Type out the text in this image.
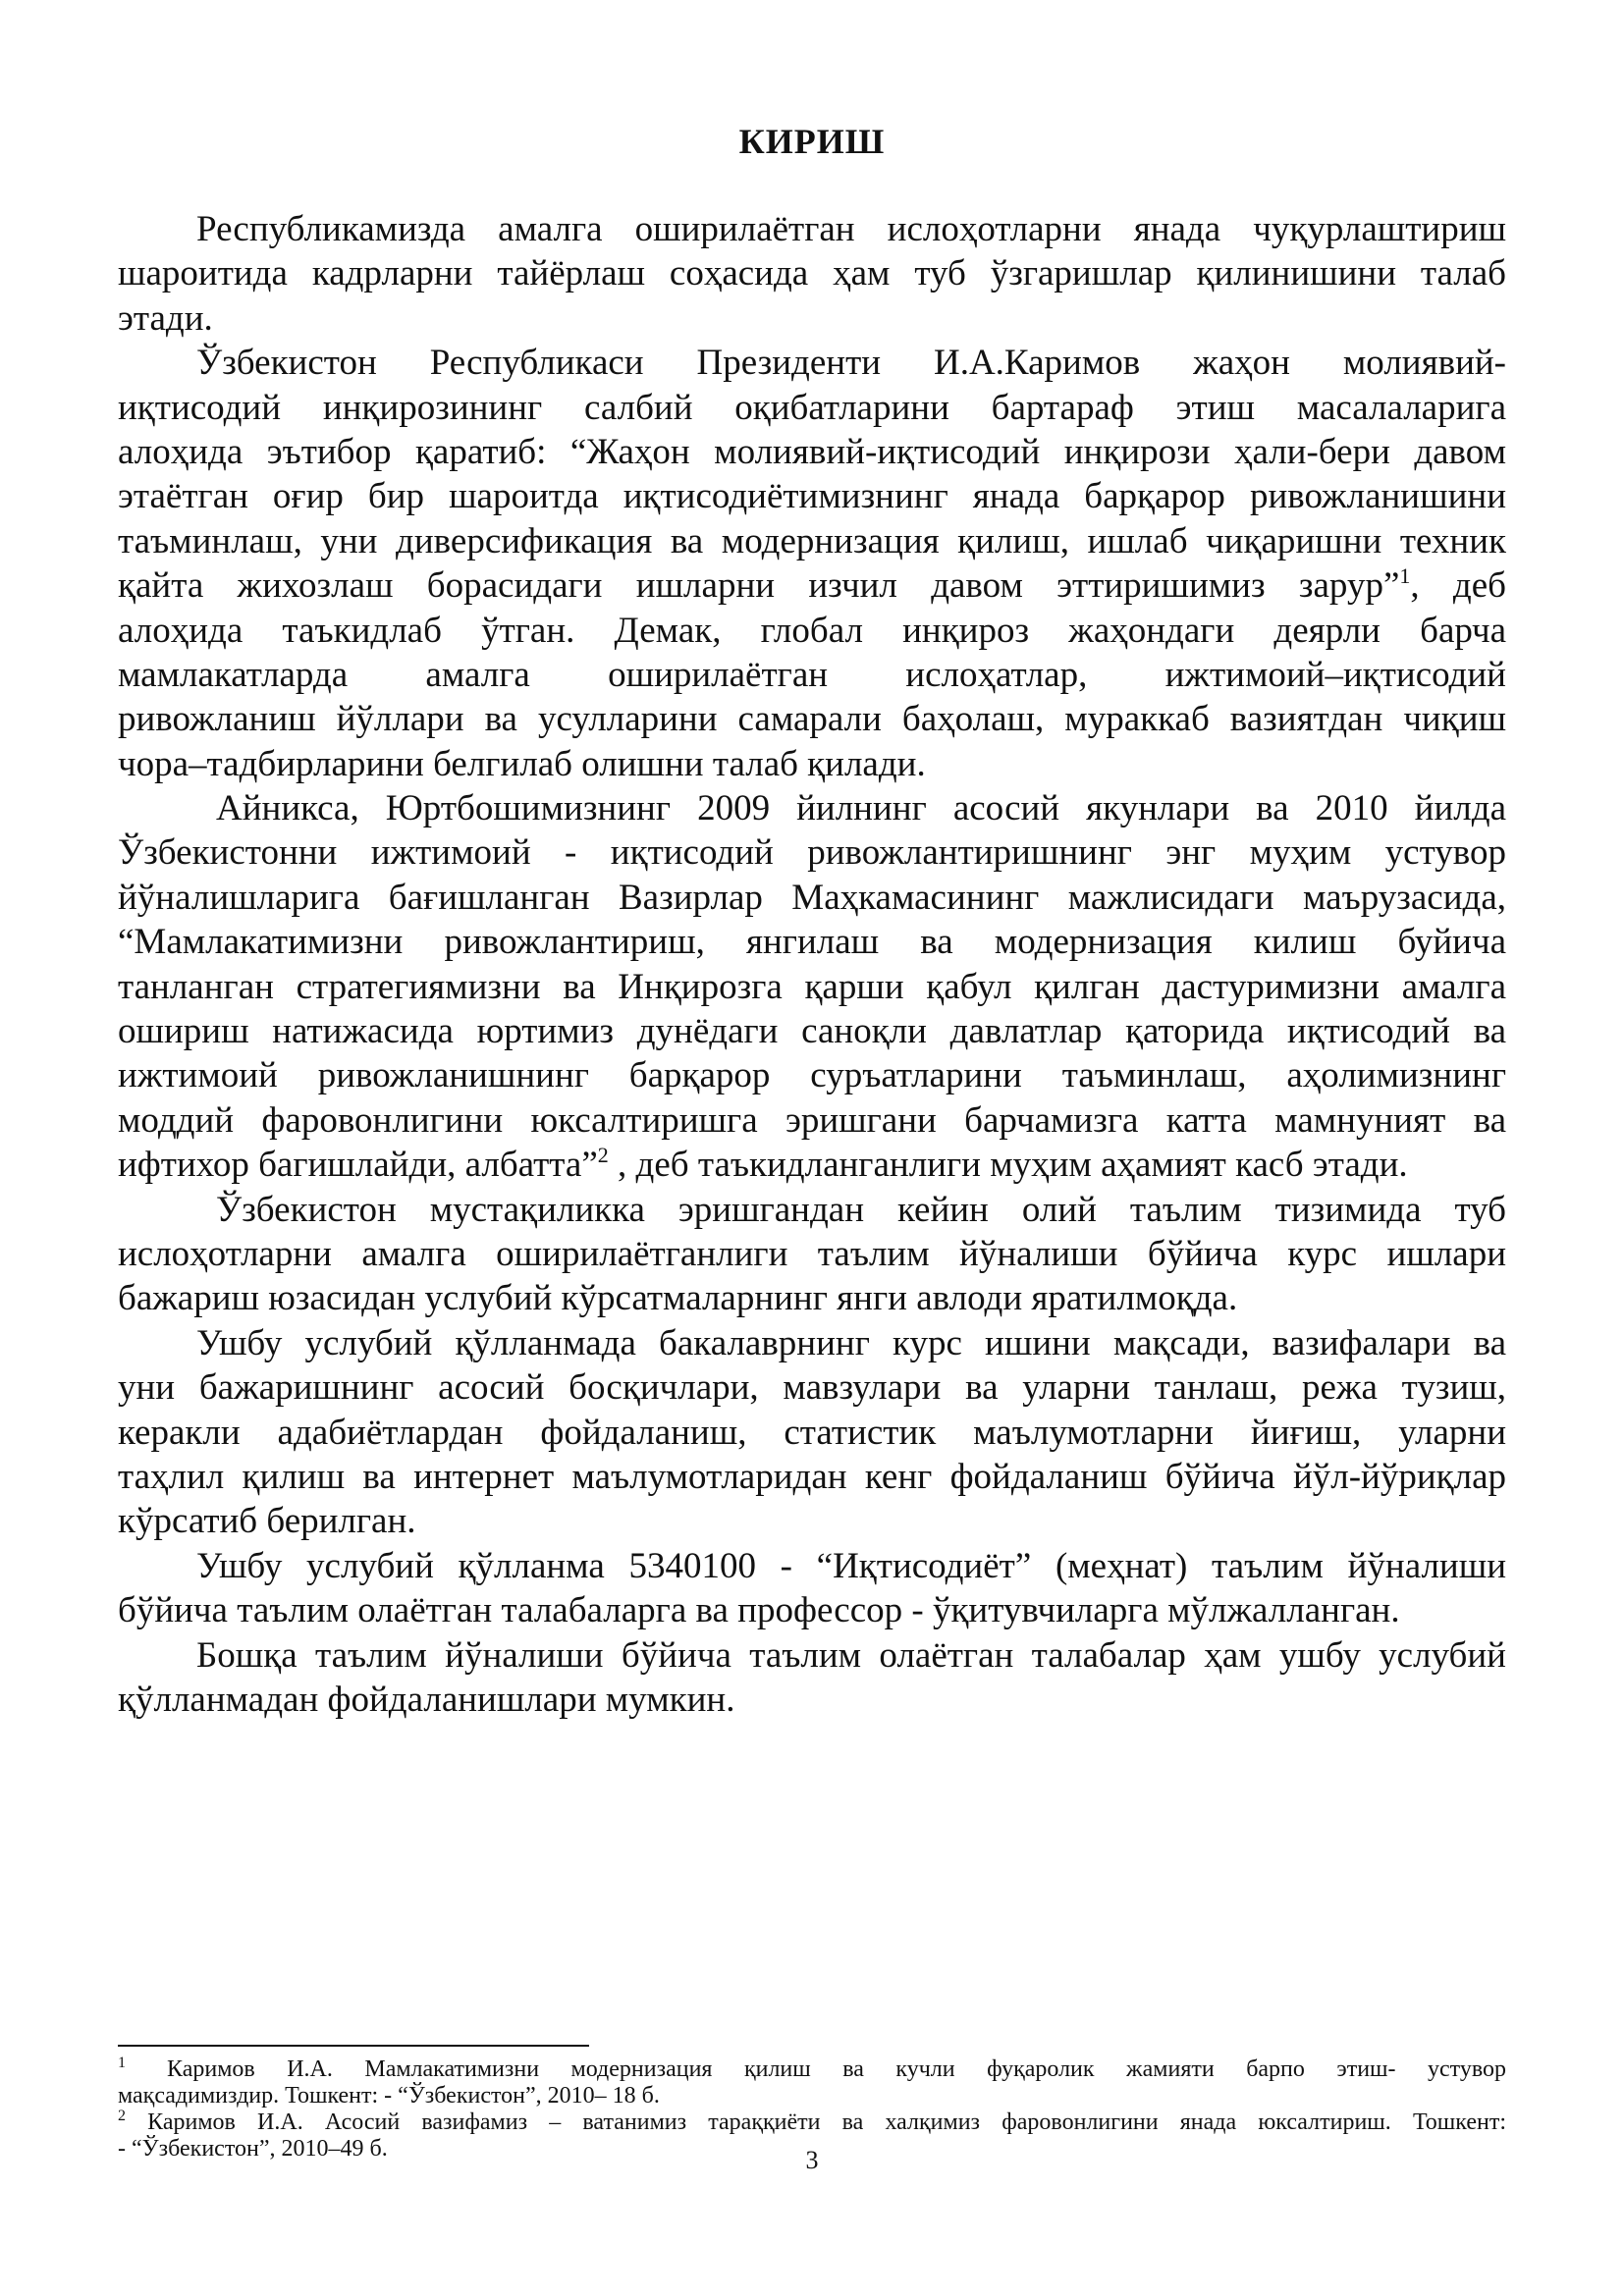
КИРИШ
Республикамизда амалга оширилаётган ислоҳотларни янада чуқурлаштириш
шароитида кадрларни тайёрлаш соҳасида ҳам туб ўзгаришлар қилинишини талаб
этади.
Ўзбекистон Республикаси Президенти И.А.Каримов жаҳон молиявий-
иқтисодий инқирозининг салбий оқибатларини бартараф этиш масалаларига
алоҳида эътибор қаратиб: “Жаҳон молиявий-иқтисодий инқирози ҳали-бери давом
этаётган оғир бир шароитда иқтисодиётимизнинг янада барқарор ривожланишини
таъминлаш, уни диверсификация ва модернизация қилиш, ишлаб чиқаришни техник
қайта жихозлаш борасидаги ишларни изчил давом эттиришимиз зарур”$^1$, деб
алоҳида таъкидлаб ўтган. Демак, глобал инқироз жаҳондаги деярли барча
мамлакатларда амалга оширилаётган ислоҳатлар, ижтимоий–иқтисодий
ривожланиш йўллари ва усулларини самарали баҳолаш, мураккаб вазиятдан чиқиш
чора–тадбирларини белгилаб олишни талаб қилади.
Айникса, Юртбошимизнинг 2009 йилнинг асосий якунлари ва 2010 йилда
Ўзбекистонни ижтимоий - иқтисодий ривожлантиришнинг энг муҳим устувор
йўналишларига бағишланган Вазирлар Маҳкамасининг мажлисидаги маърузасида,
“Мамлакатимизни ривожлантириш, янгилаш ва модернизация килиш буйича
танланган стратегиямизни ва Инқирозга қарши қабул қилган дастуримизни амалга
ошириш натижасида юртимиз дунёдаги саноқли давлатлар қаторида иқтисодий ва
ижтимоий ривожланишнинг барқарор суръатларини таъминлаш, аҳолимизнинг
моддий фаровонлигини юксалтиришга эришгани барчамизга катта мамнуният ва
ифтихор багишлайди, албатта”$^2$ , деб таъкидланганлиги муҳим аҳамият касб этади.
Ўзбекистон мустақиликка эришгандан кейин олий таълим тизимида туб
ислоҳотларни амалга оширилаётганлиги таълим йўналиши бўйича курс ишлари
бажариш юзасидан услубий кўрсатмаларнинг янги авлоди яратилмоқда.
Ушбу услубий қўлланмада бакалаврнинг курс ишини мақсади, вазифалари ва
уни бажаришнинг асосий босқичлари, мавзулари ва уларни танлаш, режа тузиш,
керакли адабиётлардан фойдаланиш, статистик маълумотларни йиғиш, уларни
таҳлил қилиш ва интернет маълумотларидан кенг фойдаланиш бўйича йўл-йўриқлар
кўрсатиб берилган.
Ушбу услубий қўлланма 5340100 - “Иқтисодиёт” (меҳнат) таълим йўналиши
бўйича таълим олаётган талабаларга ва профессор - ўқитувчиларга мўлжалланган.
Бошқа таълим йўналиши бўйича таълим олаётган талабалар ҳам ушбу услубий
қўлланмадан фойдаланишлари мумкин.
$^1$ Каримов И.А. Мамлакатимизни модернизация қилиш ва кучли фуқаролик жамияти барпо этиш- устувор
мақсадимиздир. Тошкент: - “Ўзбекистон”, 2010– 18 б.
$^2$ Каримов И.А. Асосий вазифамиз – ватанимиз тараққиёти ва халқимиз фаровонлигини янада юксалтириш. Тошкент:
- “Ўзбекистон”, 2010–49 б.	3
